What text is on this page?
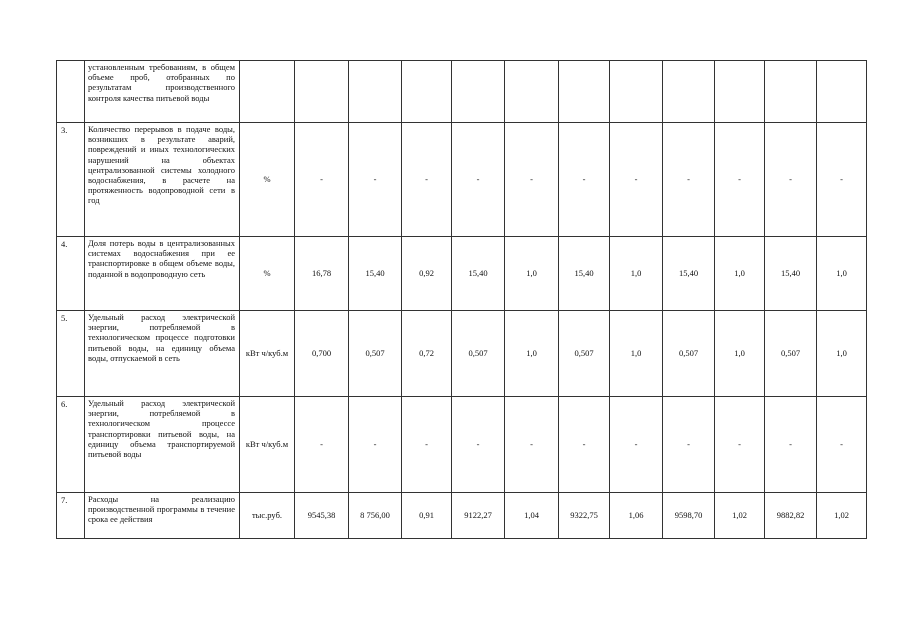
	установленным требованиям, в общем объеме проб, отобранных по результатам производственного контроля качества питьевой воды												
3.	Количество перерывов в подаче воды, возникших в результате аварий, повреждений и иных технологических нарушений на объектах централизованной системы холодного водоснабжения, в расчете на протяженность водопроводной сети в год	%	-	-	-	-	-	-	-	-	-	-	-
4.	Доля потерь воды в централизованных системах водоснабжения при ее транспортировке в общем объеме воды, поданной в водопроводную сеть	%	16,78	15,40	0,92	15,40	1,0	15,40	1,0	15,40	1,0	15,40	1,0
5.	Удельный расход электрической энергии, потребляемой в технологическом процессе подготовки питьевой воды, на единицу объема воды, отпускаемой в сеть	кВт ч/куб.м	0,700	0,507	0,72	0,507	1,0	0,507	1,0	0,507	1,0	0,507	1,0
6.	Удельный расход электрической энергии, потребляемой в технологическом процессе транспортировки питьевой воды, на единицу объема транспортируемой питьевой воды	кВт ч/куб.м	-	-	-	-	-	-	-	-	-	-	-
7.	Расходы на реализацию производственной программы в течение срока ее действия	тыс.руб.	9545,38	8 756,00	0,91	9122,27	1,04	9322,75	1,06	9598,70	1,02	9882,82	1,02
